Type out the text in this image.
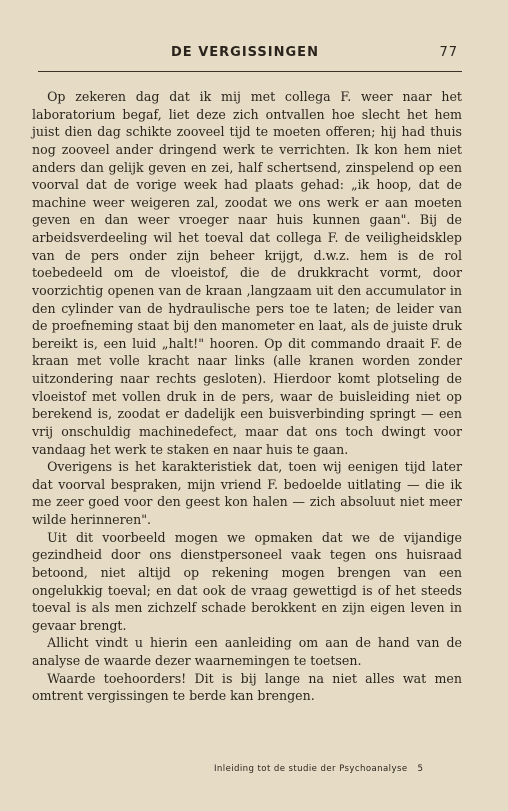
DE VERGISSINGEN	77

Op zekeren dag dat ik mij met collega F. weer naar het laboratorium begaf, liet deze zich ontvallen hoe slecht het hem juist dien dag schikte zooveel tijd te moeten offeren; hij had thuis nog zooveel ander dringend werk te verrichten. Ik kon hem niet anders dan gelijk geven en zei, half schertsend, zinspelend op een voorval dat de vorige week had plaats gehad: „ik hoop, dat de machine weer weigeren zal, zoodat we ons werk er aan moeten geven en dan weer vroeger naar huis kunnen gaan". Bij de arbeidsverdeeling wil het toeval dat collega F. de veiligheidsklep van de pers onder zijn beheer krijgt, d.w.z. hem is de rol toebedeeld om de vloeistof, die de drukkracht vormt, door voorzichtig openen van de kraan ‚langzaam uit den accumulator in den cylinder van de hydraulische pers toe te laten; de leider van de proefneming staat bij den manometer en laat, als de juiste druk bereikt is, een luid „halt!" hooren. Op dit commando draait F. de kraan met volle kracht naar links (alle kranen worden zonder uitzondering naar rechts gesloten). Hierdoor komt plotseling de vloeistof met vollen druk in de pers, waar de buisleiding niet op berekend is, zoodat er dadelijk een buisverbinding springt — een vrij onschuldig machinedefect, maar dat ons toch dwingt voor vandaag het werk te staken en naar huis te gaan.

Overigens is het karakteristiek dat, toen wij eenigen tijd later dat voorval bespraken, mijn vriend F. bedoelde uitlating — die ik me zeer goed voor den geest kon halen — zich absoluut niet meer wilde herinneren".

Uit dit voorbeeld mogen we opmaken dat we de vijandige gezindheid door ons dienstpersoneel vaak tegen ons huisraad betoond, niet altijd op rekening mogen brengen van een ongelukkig toeval; en dat ook de vraag gewettigd is of het steeds toeval is als men zichzelf schade berokkent en zijn eigen leven in gevaar brengt.

Allicht vindt u hierin een aanleiding om aan de hand van de analyse de waarde dezer waarnemingen te toetsen.

Waarde toehoorders! Dit is bij lange na niet alles wat men omtrent vergissingen te berde kan brengen.

Inleiding tot de studie der Psychoanalyse 5
